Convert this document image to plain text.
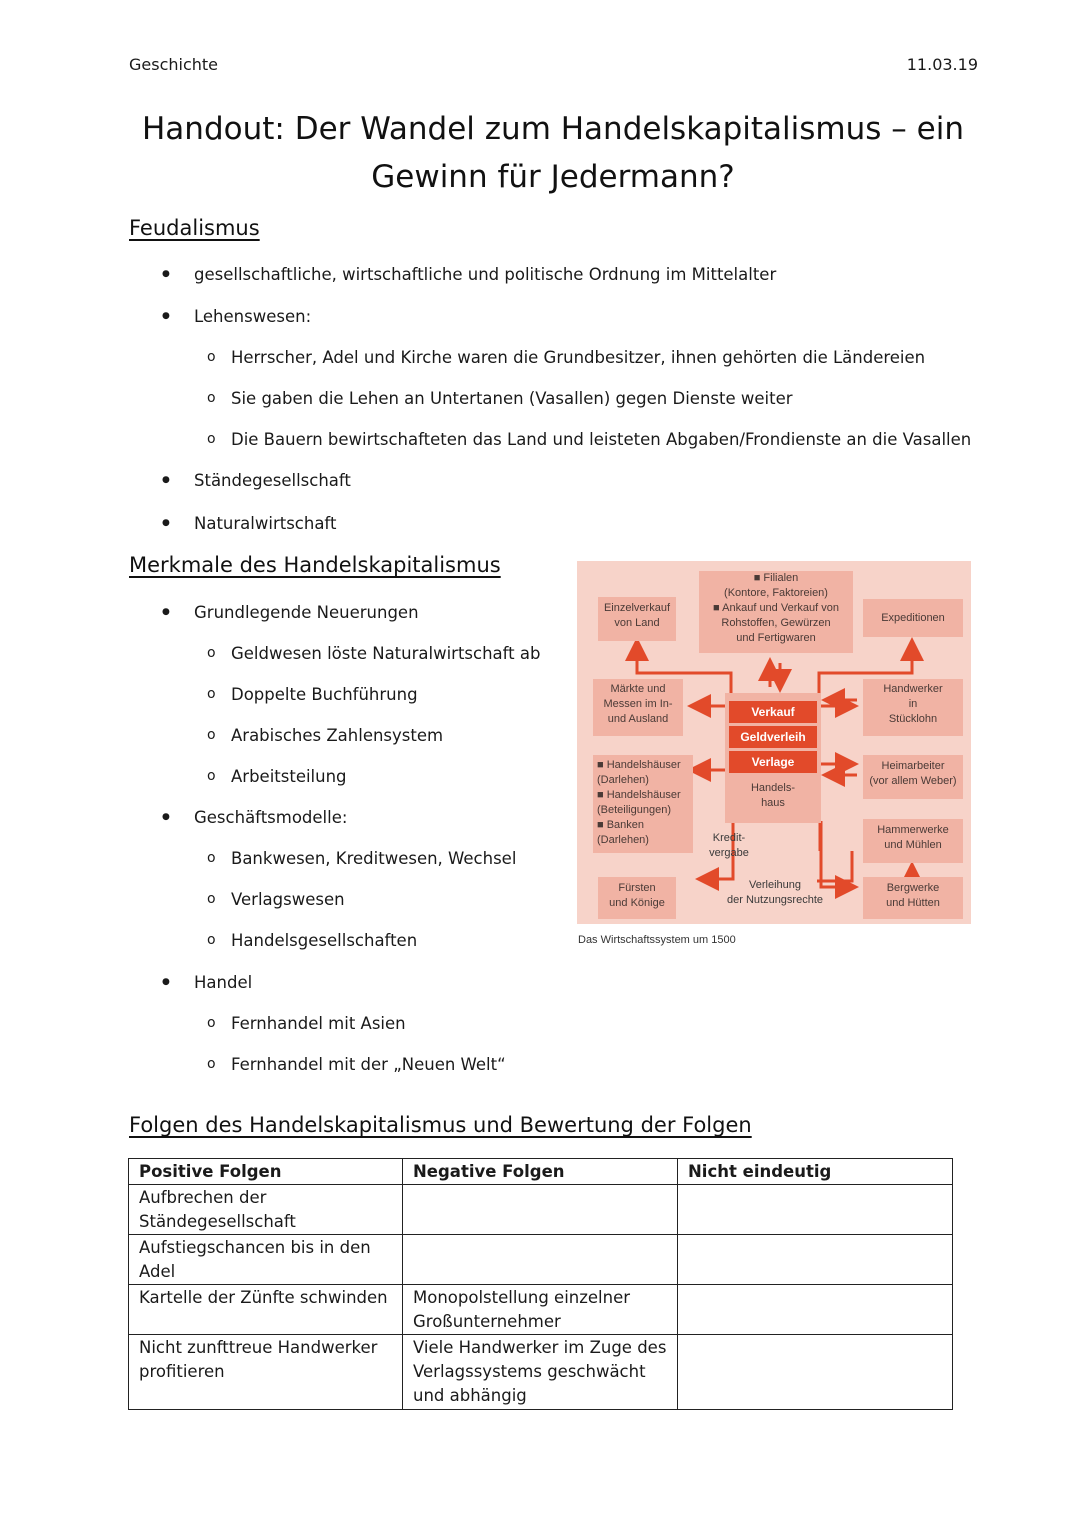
Geschichte	11.03.19
Handout: Der Wandel zum Handelskapitalismus – ein
Gewinn für Jedermann?
Feudalismus
gesellschaftliche, wirtschaftliche und politische Ordnung im Mittelalter
Lehenswesen:
Herrscher, Adel und Kirche waren die Grundbesitzer, ihnen gehörten die Ländereien
Sie gaben die Lehen an Untertanen (Vasallen) gegen Dienste weiter
Die Bauern bewirtschafteten das Land und leisteten Abgaben/Frondienste an die Vasallen
Ständegesellschaft
Naturalwirtschaft
Merkmale des Handelskapitalismus
Grundlegende Neuerungen
Geldwesen löste Naturalwirtschaft ab
Doppelte Buchführung
Arabisches Zahlensystem
Arbeitsteilung
Geschäftsmodelle:
Bankwesen, Kreditwesen, Wechsel
Verlagswesen
Handelsgesellschaften
Handel
Fernhandel mit Asien
Fernhandel mit der „Neuen Welt“
■ Filialen
(Kontore, Faktoreien)
■ Ankauf und Verkauf von
Rohstoffen, Gewürzen
und Fertigwaren
Einzelverkauf
von Land	Expeditionen
Märkte und
Messen im In-
und Ausland
Handels-
haus
Verkauf
Geldverleih
Verlage
Handwerker
in
Stücklohn
■ Handelshäuser
(Darlehen)
■ Handelshäuser
(Beteiligungen)
■ Banken
(Darlehen)
Heimarbeiter
(vor allem Weber)
Kredit-
vergabe
Hammerwerke
und Mühlen
Fürsten
und Könige
Verleihung
der Nutzungsrechte
Bergwerke
und Hütten
Das Wirtschaftssystem um 1500
Folgen des Handelskapitalismus und Bewertung der Folgen
Positive Folgen	Negative Folgen	Nicht eindeutig
Aufbrechen der Ständegesellschaft		
Aufstiegschancen bis in den Adel		
Kartelle der Zünfte schwinden	Monopolstellung einzelner Großunternehmer	
Nicht zunfttreue Handwerker profitieren	Viele Handwerker im Zuge des Verlagssystems geschwächt und abhängig	
